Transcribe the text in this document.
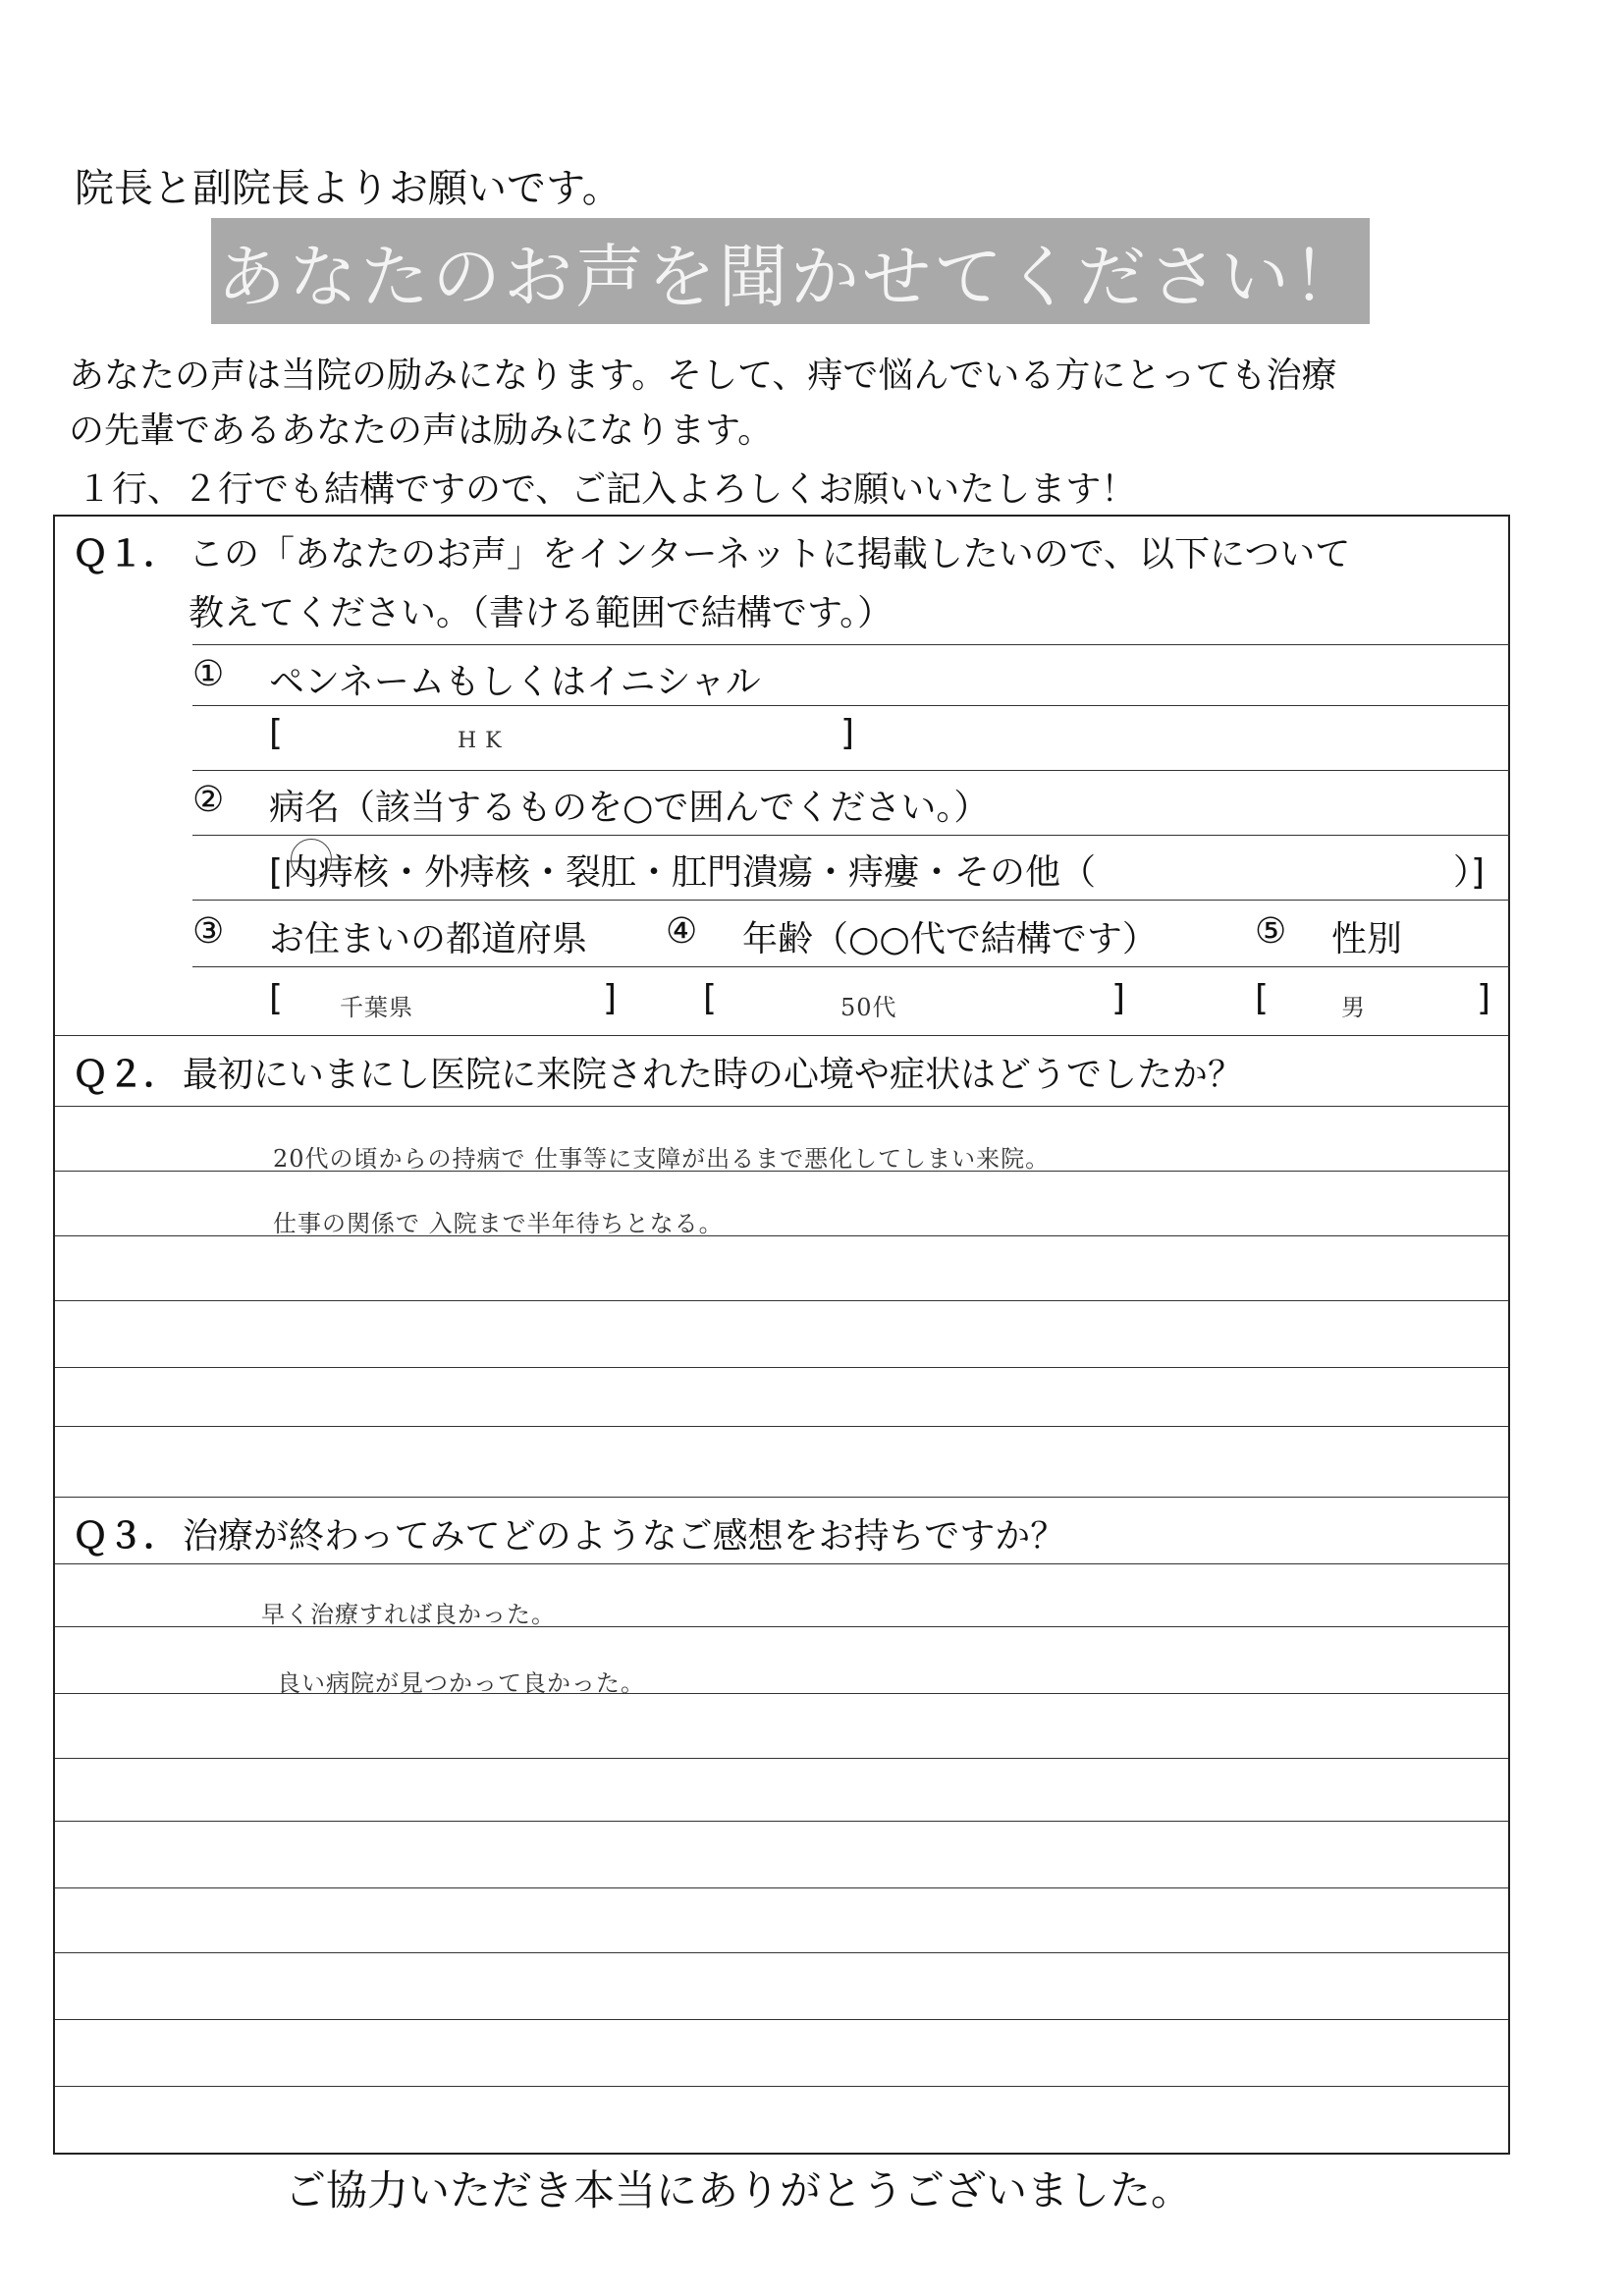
院長と副院長よりお願いです。
あなたのお声を聞かせてください！
あなたの声は当院の励みになります。そして、痔で悩んでいる方にとっても治療
の先輩であるあなたの声は励みになります。
１行、２行でも結構ですので、ご記入よろしくお願いいたします！
Ｑ１． この「あなたのお声」をインターネットに掲載したいので、以下について
教えてください。（書ける範囲で結構です。）
① ペンネームもしくはイニシャル
[	H K	]
② 病名（該当するものを○で囲んでください。）
[内痔核・外痔核・裂肛・肛門潰瘍・痔瘻・その他（	）]
③ お住まいの都道府県 ④ 年齢（○○代で結構です）	⑤ 性別
[ 千葉県	] [	50代	]	[	男	]
Ｑ２． 最初にいまにし医院に来院された時の心境や症状はどうでしたか？
20代の頃からの持病で 仕事等に支障が出るまで悪化してしまい来院。
仕事の関係で 入院まで半年待ちとなる。
Ｑ３． 治療が終わってみてどのようなご感想をお持ちですか？
早く治療すれば良かった。
良い病院が見つかって良かった。
ご協力いただき本当にありがとうございました。
